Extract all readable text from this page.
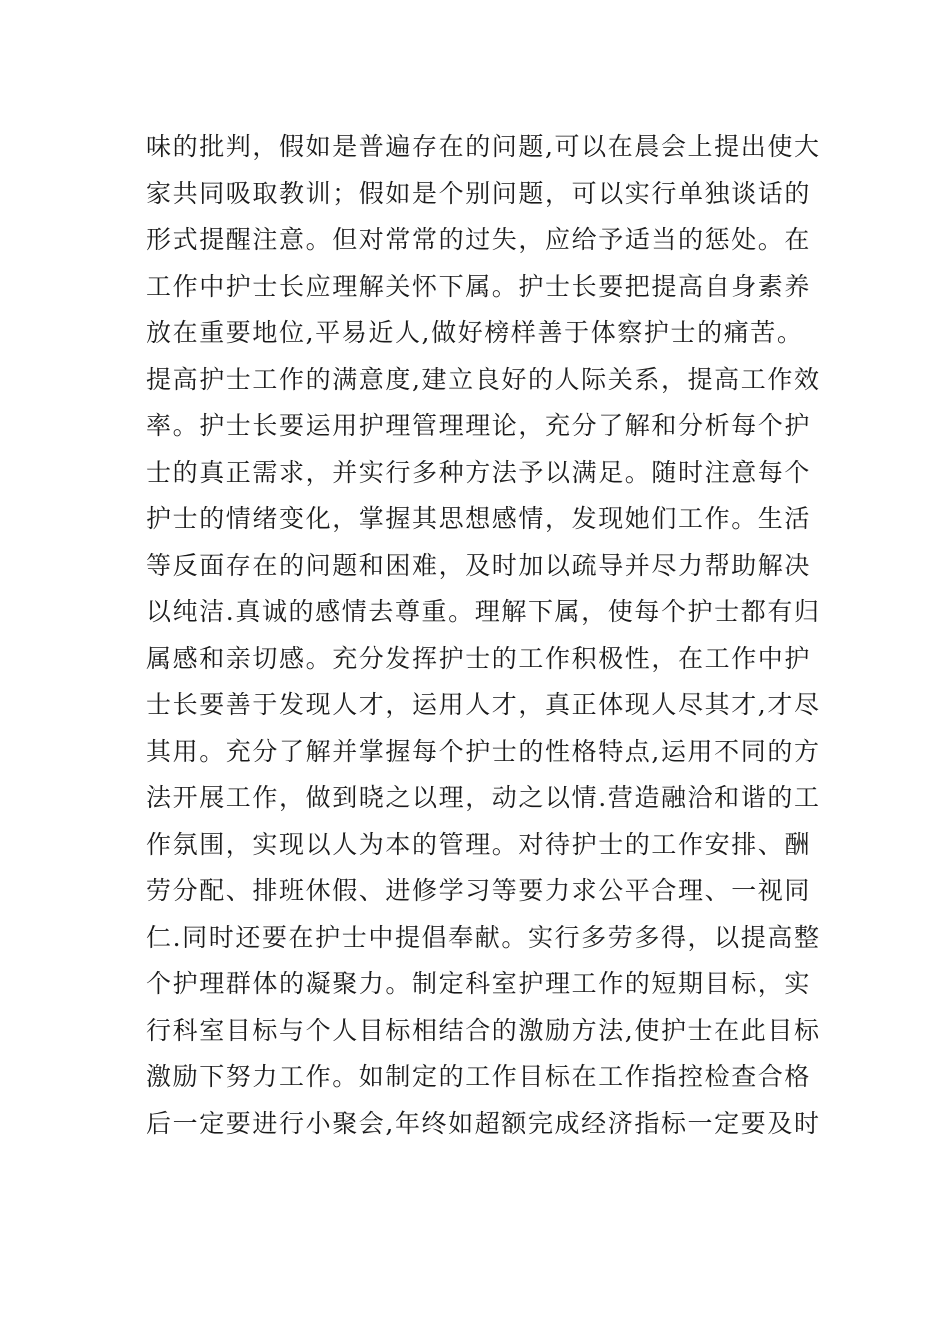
味的批判，假如是普遍存在的问题,可以在晨会上提出使大
家共同吸取教训；假如是个别问题，可以实行单独谈话的
形式提醒注意。但对常常的过失，应给予适当的惩处。在
工作中护士长应理解关怀下属。护士长要把提高自身素养
放在重要地位,平易近人,做好榜样善于体察护士的痛苦。
提高护士工作的满意度,建立良好的人际关系，提高工作效
率。护士长要运用护理管理理论，充分了解和分析每个护
士的真正需求，并实行多种方法予以满足。随时注意每个
护士的情绪变化，掌握其思想感情，发现她们工作。生活
等反面存在的问题和困难，及时加以疏导并尽力帮助解决
以纯洁.真诚的感情去尊重。理解下属，使每个护士都有归
属感和亲切感。充分发挥护士的工作积极性，在工作中护
士长要善于发现人才，运用人才，真正体现人尽其才,才尽
其用。充分了解并掌握每个护士的性格特点,运用不同的方
法开展工作，做到晓之以理，动之以情.营造融洽和谐的工
作氛围，实现以人为本的管理。对待护士的工作安排、酬
劳分配、排班休假、进修学习等要力求公平合理、一视同
仁.同时还要在护士中提倡奉献。实行多劳多得，以提高整
个护理群体的凝聚力。制定科室护理工作的短期目标，实
行科室目标与个人目标相结合的激励方法,使护士在此目标
激励下努力工作。如制定的工作目标在工作指控检查合格
后一定要进行小聚会,年终如超额完成经济指标一定要及时
